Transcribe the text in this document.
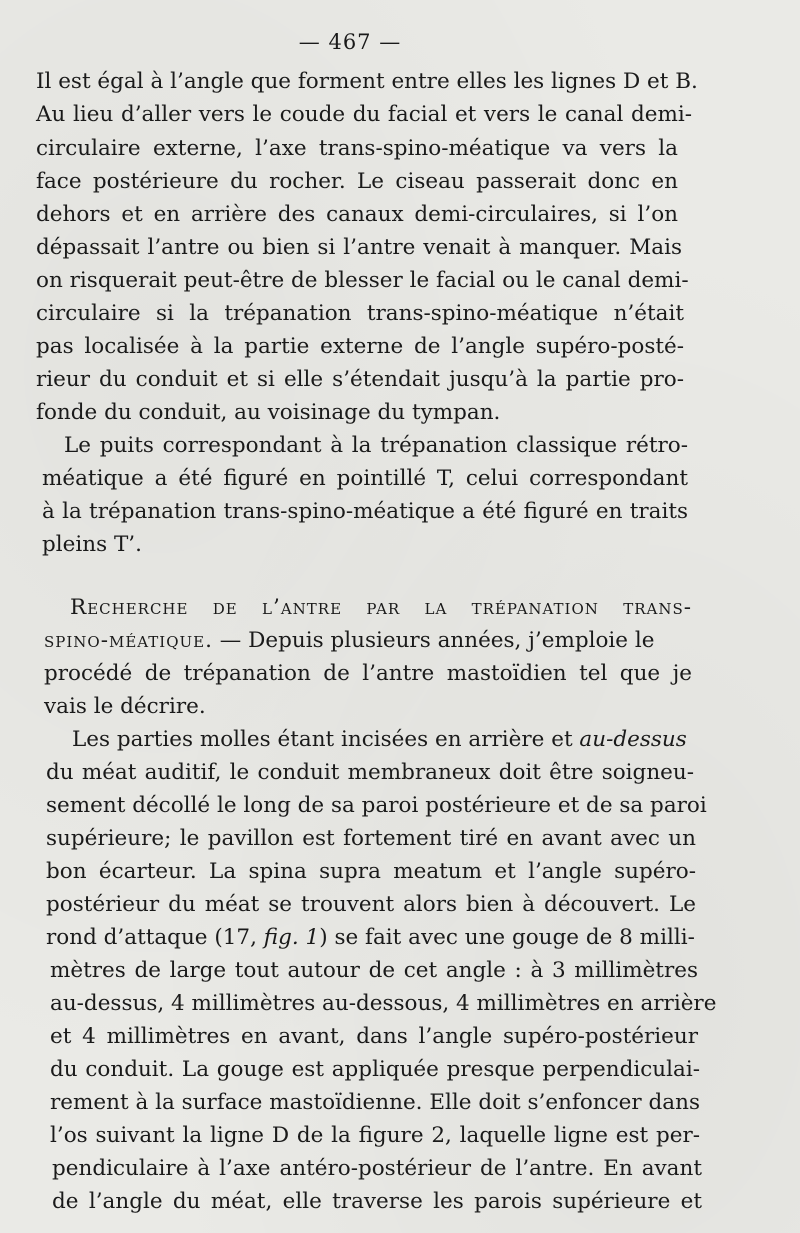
— 467 —
Il est égal à l’angle que forment entre elles les lignes D et B.
Au lieu d’aller vers le coude du facial et vers le canal demi-
circulaire externe, l’axe trans-spino-méatique va vers la
face postérieure du rocher. Le ciseau passerait donc en
dehors et en arrière des canaux demi-circulaires, si l’on
dépassait l’antre ou bien si l’antre venait à manquer. Mais
on risquerait peut-être de blesser le facial ou le canal demi-
circulaire si la trépanation trans-spino-méatique n’était
pas localisée à la partie externe de l’angle supéro-posté-
rieur du conduit et si elle s’étendait jusqu’à la partie pro-
fonde du conduit, au voisinage du tympan.
Le puits correspondant à la trépanation classique rétro-
méatique a été figuré en pointillé T, celui correspondant
à la trépanation trans-spino-méatique a été figuré en traits
pleins T’.
Recherche de l’antre par la trépanation trans-
spino-méatique. — Depuis plusieurs années, j’emploie le
procédé de trépanation de l’antre mastoïdien tel que je
vais le décrire.
Les parties molles étant incisées en arrière et au-dessus
du méat auditif, le conduit membraneux doit être soigneu-
sement décollé le long de sa paroi postérieure et de sa paroi
supérieure; le pavillon est fortement tiré en avant avec un
bon écarteur. La spina supra meatum et l’angle supéro-
postérieur du méat se trouvent alors bien à découvert. Le
rond d’attaque (17, fig. 1) se fait avec une gouge de 8 milli-
mètres de large tout autour de cet angle : à 3 millimètres
au-dessus, 4 millimètres au-dessous, 4 millimètres en arrière
et 4 millimètres en avant, dans l’angle supéro-postérieur
du conduit. La gouge est appliquée presque perpendiculai-
rement à la surface mastoïdienne. Elle doit s’enfoncer dans
l’os suivant la ligne D de la figure 2, laquelle ligne est per-
pendiculaire à l’axe antéro-postérieur de l’antre. En avant
de l’angle du méat, elle traverse les parois supérieure et
